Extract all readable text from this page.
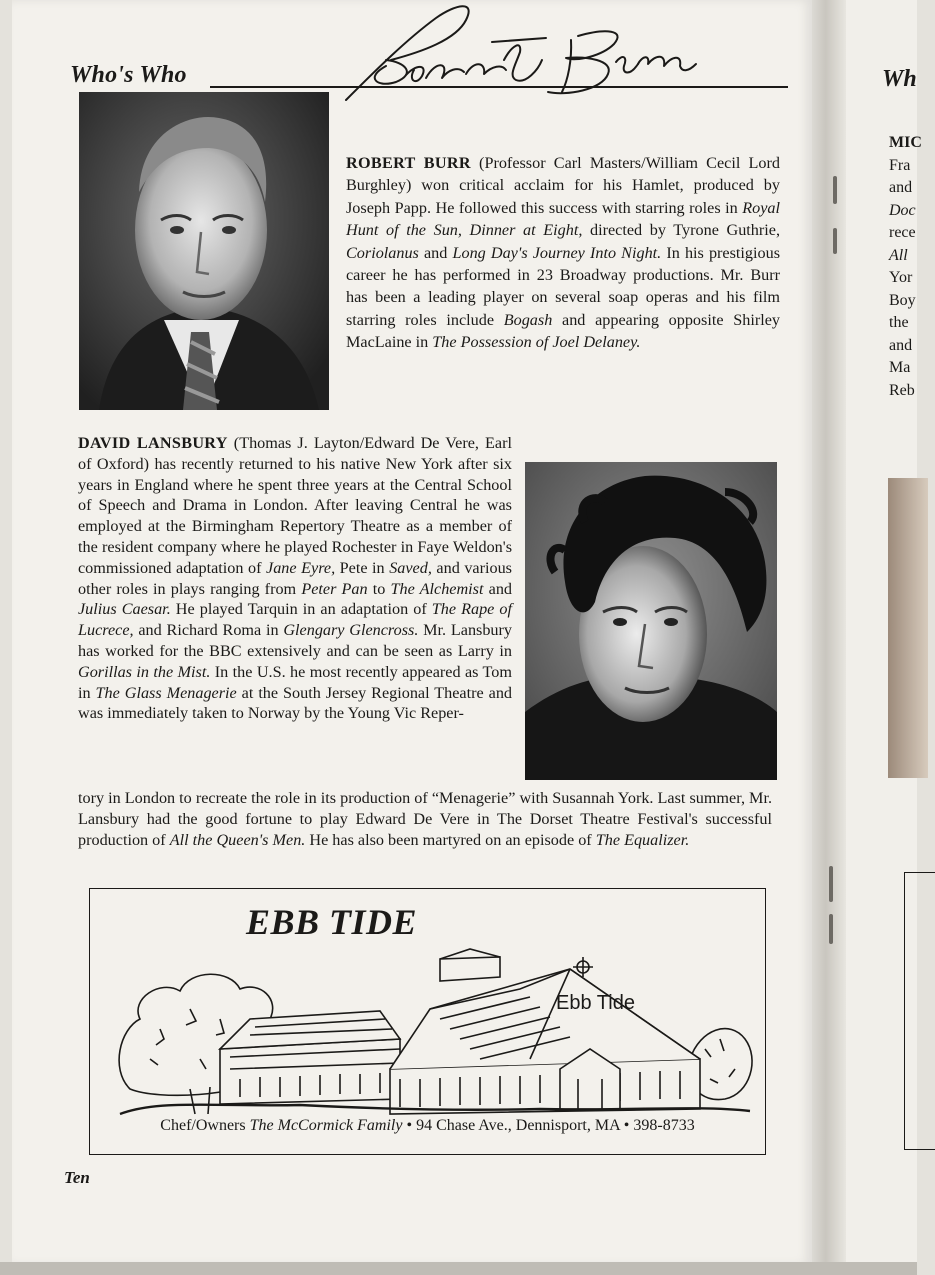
Wh
MIC
Fra
and
Doc
rece
All
Yor
Boy
the
and
Ma
Reb
Who's Who
Robert Burr
ROBERT BURR (Professor Carl Masters/William Cecil Lord Burghley) won critical acclaim for his Hamlet, produced by Joseph Papp. He followed this success with starring roles in Royal Hunt of the Sun, Dinner at Eight, directed by Tyrone Guthrie, Coriolanus and Long Day's Journey Into Night. In his prestigious career he has performed in 23 Broadway productions. Mr. Burr has been a leading player on several soap operas and his film starring roles include Bogash and appearing opposite Shirley MacLaine in The Possession of Joel Delaney.
DAVID LANSBURY (Thomas J. Layton/Edward De Vere, Earl of Oxford) has recently returned to his native New York after six years in England where he spent three years at the Central School of Speech and Drama in London. After leaving Central he was employed at the Birmingham Repertory Theatre as a member of the resident company where he played Rochester in Faye Weldon's commissioned adaptation of Jane Eyre, Pete in Saved, and various other roles in plays ranging from Peter Pan to The Alchemist and Julius Caesar. He played Tarquin in an adaptation of The Rape of Lucrece, and Richard Roma in Glengary Glencross. Mr. Lansbury has worked for the BBC extensively and can be seen as Larry in Gorillas in the Mist. In the U.S. he most recently appeared as Tom in The Glass Menagerie at the South Jersey Regional Theatre and was immediately taken to Norway by the Young Vic Reper-
tory in London to recreate the role in its production of “Menagerie” with Susannah York. Last summer, Mr. Lansbury had the good fortune to play Edward De Vere in The Dorset Theatre Festival's successful production of All the Queen's Men. He has also been martyred on an episode of The Equalizer.
Ebb Tide
EBB TIDE
Chef/Owners The McCormick Family • 94 Chase Ave., Dennisport, MA • 398-8733
Ten
